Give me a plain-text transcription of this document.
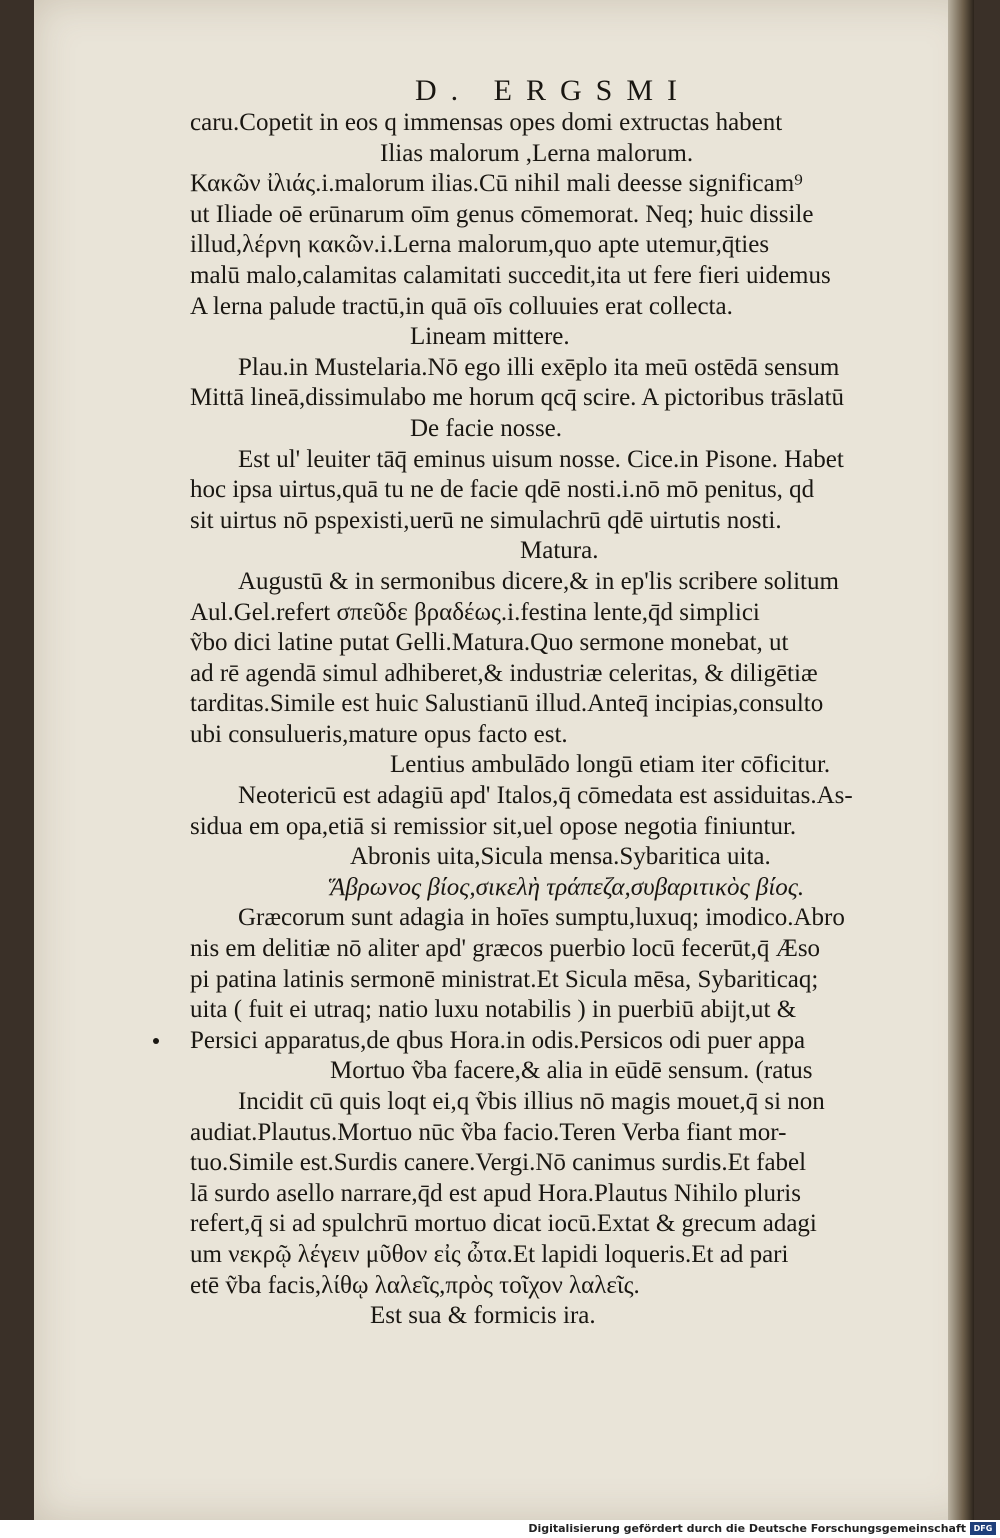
D. ERGSMI
caru.Copetit in eos q immensas opes domi extructas habent
Ilias malorum ,Lerna malorum.
Κακῶν ἰλιάς.i.malorum ilias.Cū nihil mali deesse significam⁹
ut Iliade oē erūnarum oīm genus cōmemorat. Neq; huic dissile
illud,λέρνη κακῶν.i.Lerna malorum,quo apte utemur,q̄ties
malū malo,calamitas calamitati succedit,ita ut fere fieri uidemus
A lerna palude tractū,in quā oīs colluuies erat collecta.
Lineam mittere.
Plau.in Mustelaria.Nō ego illi exēplo ita meū ostēdā sensum
Mittā lineā,dissimulabo me horum qcq̄ scire. A pictoribus trāslatū
De facie nosse.
Est ul' leuiter tāq̄ eminus uisum nosse. Cice.in Pisone. Habet
hoc ipsa uirtus,quā tu ne de facie qdē nosti.i.nō mō penitus, qd
sit uirtus nō pspexisti,uerū ne simulachrū qdē uirtutis nosti.
Matura.
Augustū & in sermonibus dicere,& in ep'lis scribere solitum
Aul.Gel.refert σπεῦδε βραδέως.i.festina lente,q̄d simplici
ṽbo dici latine putat Gelli.Matura.Quo sermone monebat, ut
ad rē agendā simul adhiberet,& industriæ celeritas, & diligētiæ
tarditas.Simile est huic Salustianū illud.Anteq̄ incipias,consulto
ubi consulueris,mature opus facto est.
Lentius ambulādo longū etiam iter cōficitur.
Neotericū est adagiū apd' Italos,q̄ cōmedata est assiduitas.As-
sidua em opa,etiā si remissior sit,uel opose negotia finiuntur.
Abronis uita,Sicula mensa.Sybaritica uita.
Ἅβρωνος βίος,σικελὴ τράπεζα,συβαριτικὸς βίος.
Græcorum sunt adagia in hoīes sumptu,luxuq; imodico.Abro
nis em delitiæ nō aliter apd' græcos puerbio locū fecerūt,q̄ Æso
pi patina latinis sermonē ministrat.Et Sicula mēsa, Sybariticaq;
uita ( fuit ei utraq; natio luxu notabilis ) in puerbiū abijt,ut &
Persici apparatus,de qbus Hora.in odis.Persicos odi puer appa
Mortuo ṽba facere,& alia in eūdē sensum. (ratus
Incidit cū quis loqt ei,q ṽbis illius nō magis mouet,q̄ si non
audiat.Plautus.Mortuo nūc ṽba facio.Teren Verba fiant mor-
tuo.Simile est.Surdis canere.Vergi.Nō canimus surdis.Et fabel
lā surdo asello narrare,q̄d est apud Hora.Plautus Nihilo pluris
refert,q̄ si ad spulchrū mortuo dicat iocū.Extat & grecum adagi
um νεκρῷ λέγειν μῦθον εἰς ὦτα.Et lapidi loqueris.Et ad pari
etē ṽba facis,λίθῳ λαλεῖς,πρὸς τοῖχον λαλεῖς.
Est sua & formicis ira.
Digitalisierung gefördert durch die Deutsche Forschungsgemeinschaft DFG
